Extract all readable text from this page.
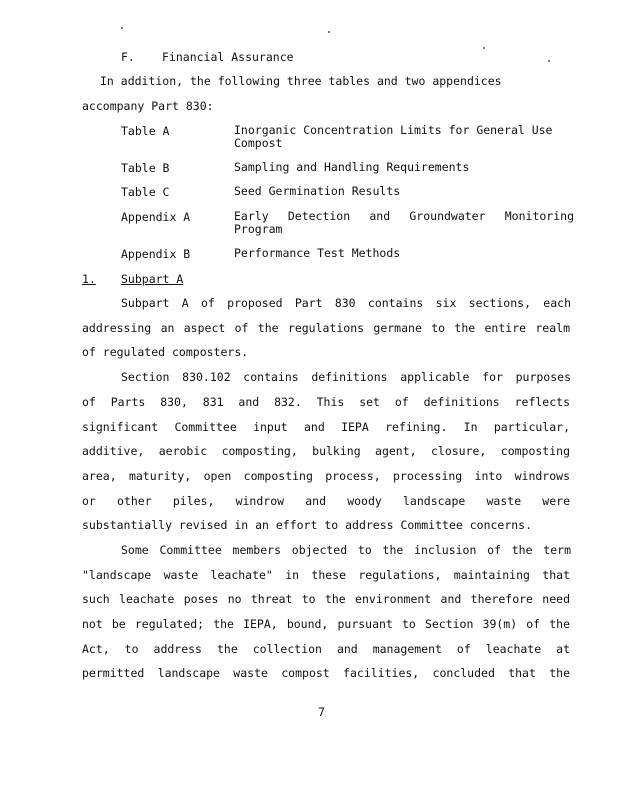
F. Financial Assurance
In addition, the following three tables and two appendices
accompany Part 830:
Table A	Inorganic Concentration Limits for General Use Compost
Table B	Sampling and Handling Requirements
Table C	Seed Germination Results
Appendix A	Early Detection and Groundwater Monitoring Program
Appendix B	Performance Test Methods
1. Subpart A
Subpart A of proposed Part 830 contains six sections, each
addressing an aspect of the regulations germane to the entire realm
of regulated composters.
Section 830.102 contains definitions applicable for purposes
of Parts 830, 831 and 832. This set of definitions reflects
significant Committee input and IEPA refining. In particular,
additive, aerobic composting, bulking agent, closure, composting
area, maturity, open composting process, processing into windrows
or other piles, windrow and woody landscape waste were
substantially revised in an effort to address Committee concerns.
Some Committee members objected to the inclusion of the term
"landscape waste leachate" in these regulations, maintaining that
such leachate poses no threat to the environment and therefore need
not be regulated; the IEPA, bound, pursuant to Section 39(m) of the
Act, to address the collection and management of leachate at
permitted landscape waste compost facilities, concluded that the
7
